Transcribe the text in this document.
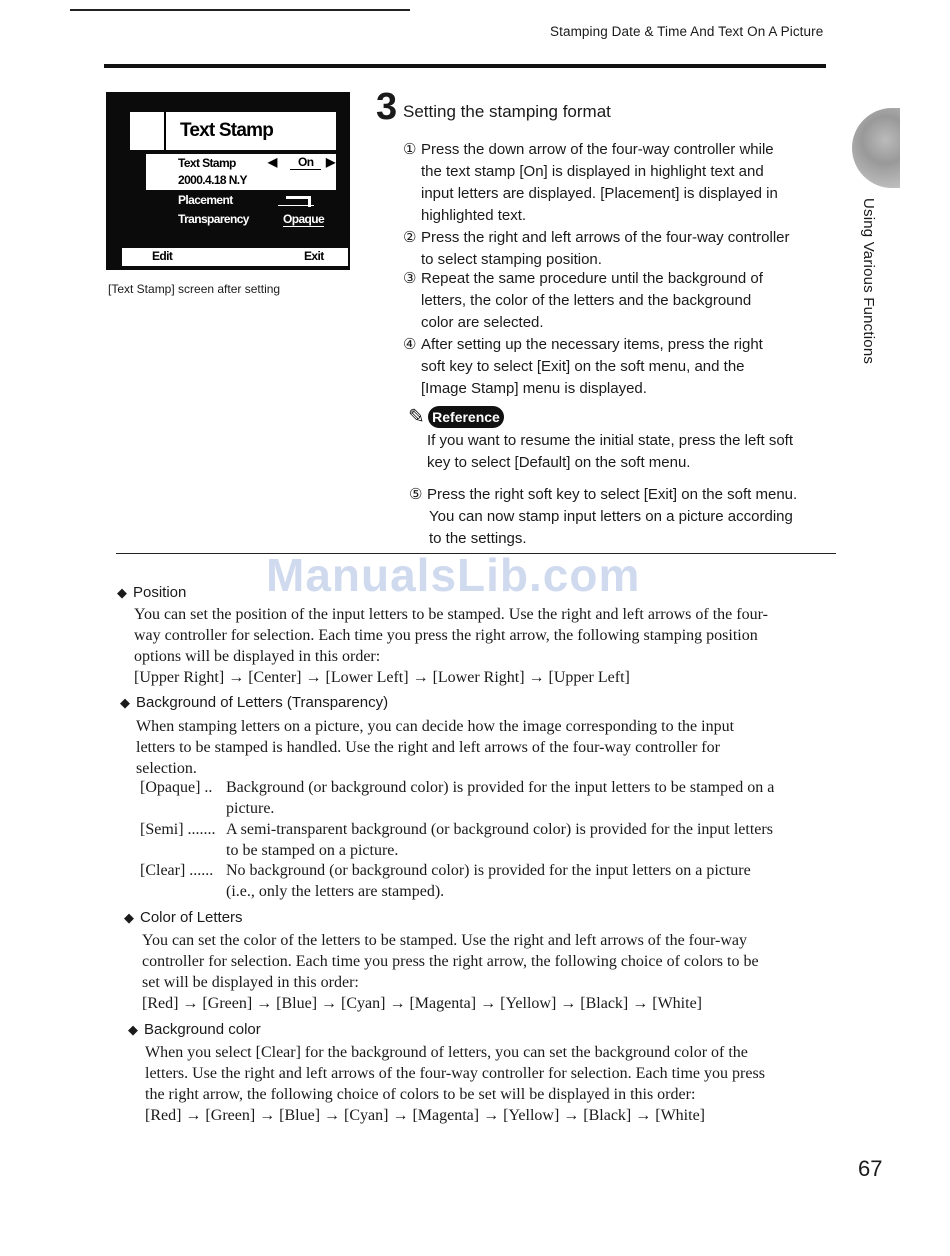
Stamping Date & Time And Text On A Picture
Text Stamp
Text Stamp	◀	On	▶
2000.4.18 N.Y
Placement
Transparency	Opaque
Edit	Exit
[Text Stamp] screen after setting
3 Setting the stamping format
① Press the down arrow of the four-way controller while
the text stamp [On] is displayed in highlight text and
input letters are displayed. [Placement] is displayed in
highlighted text.
② Press the right and left arrows of the four-way controller
to select stamping position.
③ Repeat the same procedure until the background of
letters, the color of the letters and the background
color are selected.
④ After setting up the necessary items, press the right
soft key to select [Exit] on the soft menu, and the
[Image Stamp] menu is displayed.
✎ Reference
If you want to resume the initial state, press the left soft
key to select [Default] on the soft menu.
⑤ Press the right soft key to select [Exit] on the soft menu.
You can now stamp input letters on a picture according
to the settings.
Using Various Functions
ManualsLib.com
◆ Position
You can set the position of the input letters to be stamped. Use the right and left arrows of the four-
way controller for selection. Each time you press the right arrow, the following stamping position
options will be displayed in this order:
[Upper Right] → [Center] → [Lower Left] → [Lower Right] → [Upper Left]
◆ Background of Letters (Transparency)
When stamping letters on a picture, you can decide how the image corresponding to the input
letters to be stamped is handled. Use the right and left arrows of the four-way controller for
selection.
[Opaque] .. Background (or background color) is provided for the input letters to be stamped on a
picture.
[Semi] ....... A semi-transparent background (or background color) is provided for the input letters
to be stamped on a picture.
[Clear] ...... No background (or background color) is provided for the input letters on a picture
(i.e., only the letters are stamped).
◆ Color of Letters
You can set the color of the letters to be stamped. Use the right and left arrows of the four-way
controller for selection. Each time you press the right arrow, the following choice of colors to be
set will be displayed in this order:
[Red] → [Green] → [Blue] → [Cyan] → [Magenta] → [Yellow] → [Black] → [White]
◆ Background color
When you select [Clear] for the background of letters, you can set the background color of the
letters. Use the right and left arrows of the four-way controller for selection. Each time you press
the right arrow, the following choice of colors to be set will be displayed in this order:
[Red] → [Green] → [Blue] → [Cyan] → [Magenta] → [Yellow] → [Black] → [White]
67
